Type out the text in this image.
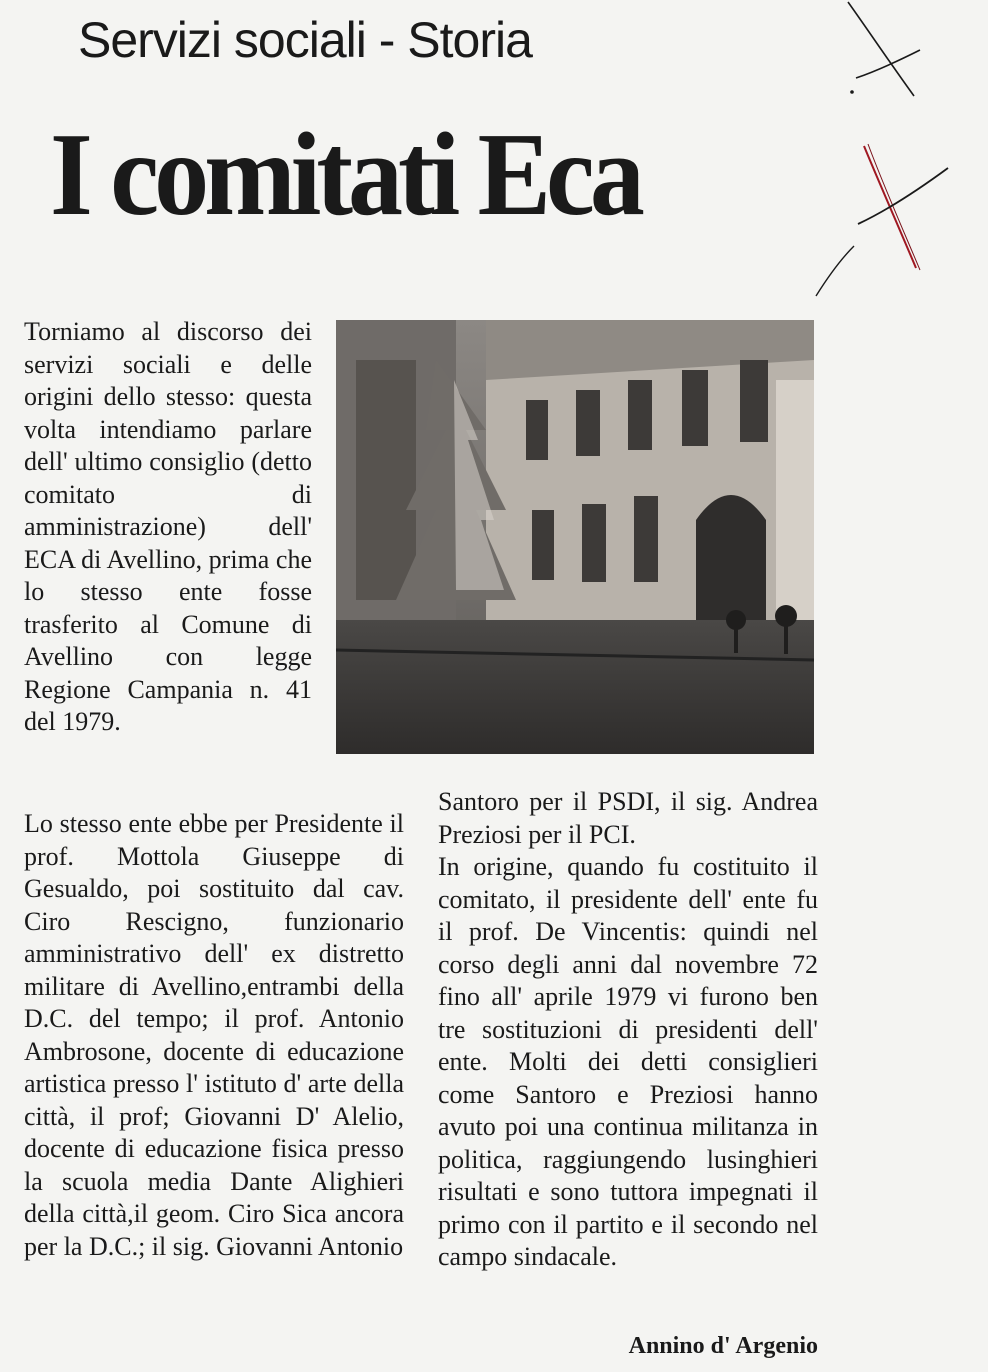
Servizi sociali - Storia
I comitati Eca

Torniamo al discorso dei servizi sociali e delle origini dello stesso: questa volta intendiamo parlare dell' ultimo consiglio (detto comitato di amministrazione) dell' ECA di Avellino, prima che lo stesso ente fosse trasferito al Comune di Avellino con legge Regione Campania n. 41 del 1979.

Lo stesso ente ebbe per Presidente il prof. Mottola Giuseppe di Gesualdo, poi sostituito dal cav. Ciro Rescigno, funzionario amministrativo dell' ex distretto militare di Avellino,entrambi della D.C. del tempo; il prof. Antonio Ambrosone, docente di educazione artistica presso l' istituto d' arte della città, il prof; Giovanni D' Alelio, docente di educazione fisica presso la scuola media Dante Alighieri della città,il geom. Ciro Sica ancora per la D.C.; il sig. Giovanni Antonio

Santoro per il PSDI, il sig. Andrea Preziosi per il PCI.

In origine, quando fu costituito il comitato, il presidente dell' ente fu il prof. De Vincentis: quindi nel corso degli anni dal novembre 72 fino all' aprile 1979 vi furono ben tre sostituzioni di presidenti dell' ente. Molti dei detti consiglieri come Santoro e Preziosi hanno avuto poi una continua militanza in politica, raggiungendo lusinghieri risultati e sono tuttora impegnati il primo con il partito e il secondo nel campo sindacale.

Annino d' Argenio
